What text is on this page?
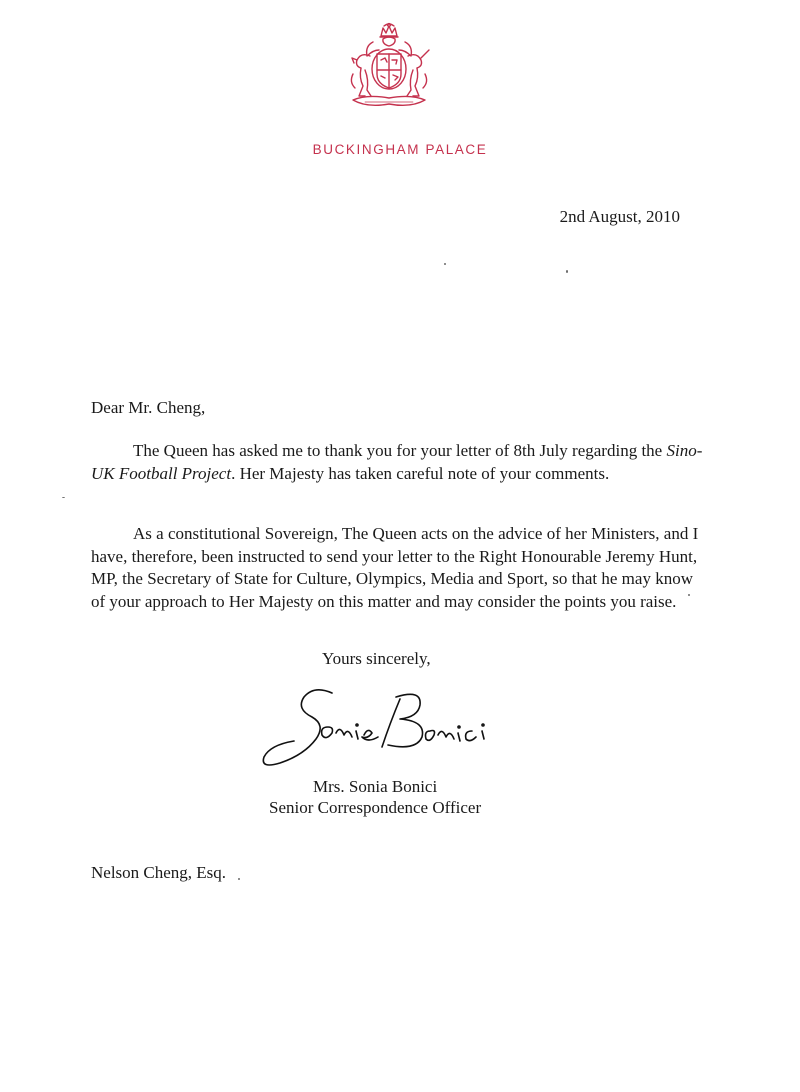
BUCKINGHAM PALACE
2nd August, 2010
Dear Mr. Cheng,
The Queen has asked me to thank you for your letter of 8th July regarding the Sino-UK Football Project. Her Majesty has taken careful note of your comments.
As a constitutional Sovereign, The Queen acts on the advice of her Ministers, and I have, therefore, been instructed to send your letter to the Right Honourable Jeremy Hunt, MP, the Secretary of State for Culture, Olympics, Media and Sport, so that he may know of your approach to Her Majesty on this matter and may consider the points you raise.
Yours sincerely,
Mrs. Sonia Bonici
Senior Correspondence Officer
Nelson Cheng, Esq.
